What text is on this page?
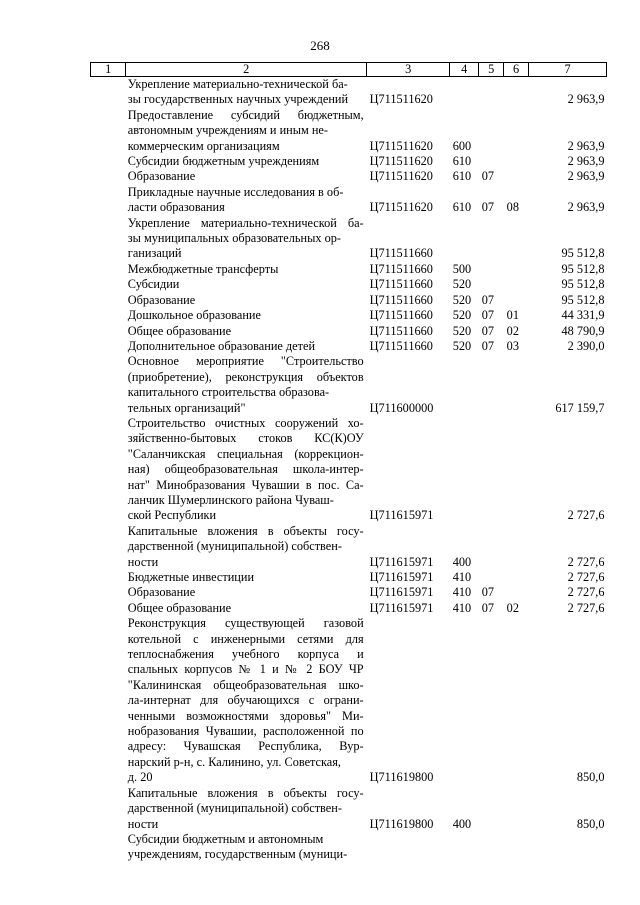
268
1	2	3	4	5	6	7
	Укрепление материально-технической ба-
зы государственных научных учреждений	Ц711511620				2 963,9
	Предоставление субсидий бюджетным, автономным учреждениям и иным не-
коммерческим организациям	Ц711511620	600			2 963,9

	Субсидии бюджетным учреждениям	Ц711511620	610			2 963,9

	Образование	Ц711511620	610	07		2 963,9
	Прикладные научные исследования в об-
ласти образования	Ц711511620	610	07	08	2 963,9
	Укрепление материально-технической ба- зы муниципальных образовательных ор-
ганизаций	Ц711511660				95 512,8

	Межбюджетные трансферты	Ц711511660	500			95 512,8

	Субсидии	Ц711511660	520			95 512,8

	Образование	Ц711511660	520	07		95 512,8

	Дошкольное образование	Ц711511660	520	07	01	44 331,9

	Общее образование	Ц711511660	520	07	02	48 790,9

	Дополнительное образование детей	Ц711511660	520	07	03	2 390,0
	Основное мероприятие "Строительство (приобретение), реконструкция объектов капитального строительства образова-
тельных организаций"	Ц711600000				617 159,7
	Строительство очистных сооружений хо- зяйственно-бытовых стоков КС(К)ОУ "Саланчикская специальная (коррекцион- ная) общеобразовательная школа-интер- нат" Минобразования Чувашии в пос. Са- ланчик Шумерлинского района Чуваш-
ской Республики	Ц711615971				2 727,6
	Капитальные вложения в объекты госу- дарственной (муниципальной) собствен-
ности	Ц711615971	400			2 727,6

	Бюджетные инвестиции	Ц711615971	410			2 727,6

	Образование	Ц711615971	410	07		2 727,6

	Общее образование	Ц711615971	410	07	02	2 727,6
	Реконструкция существующей газовой котельной с инженерными сетями для теплоснабжения учебного корпуса и спальных корпусов № 1 и № 2 БОУ ЧР "Калининская общеобразовательная шко- ла-интернат для обучающихся с ограни- ченными возможностями здоровья" Ми- нобразования Чувашии, расположенной по адресу: Чувашская Республика, Вур- нарский р-н, с. Калинино, ул. Советская,
д. 20	Ц711619800				850,0
	Капитальные вложения в объекты госу- дарственной (муниципальной) собствен-
ности	Ц711619800	400			850,0
	Субсидии бюджетным и автономным
учреждениям, государственным (муници-					
